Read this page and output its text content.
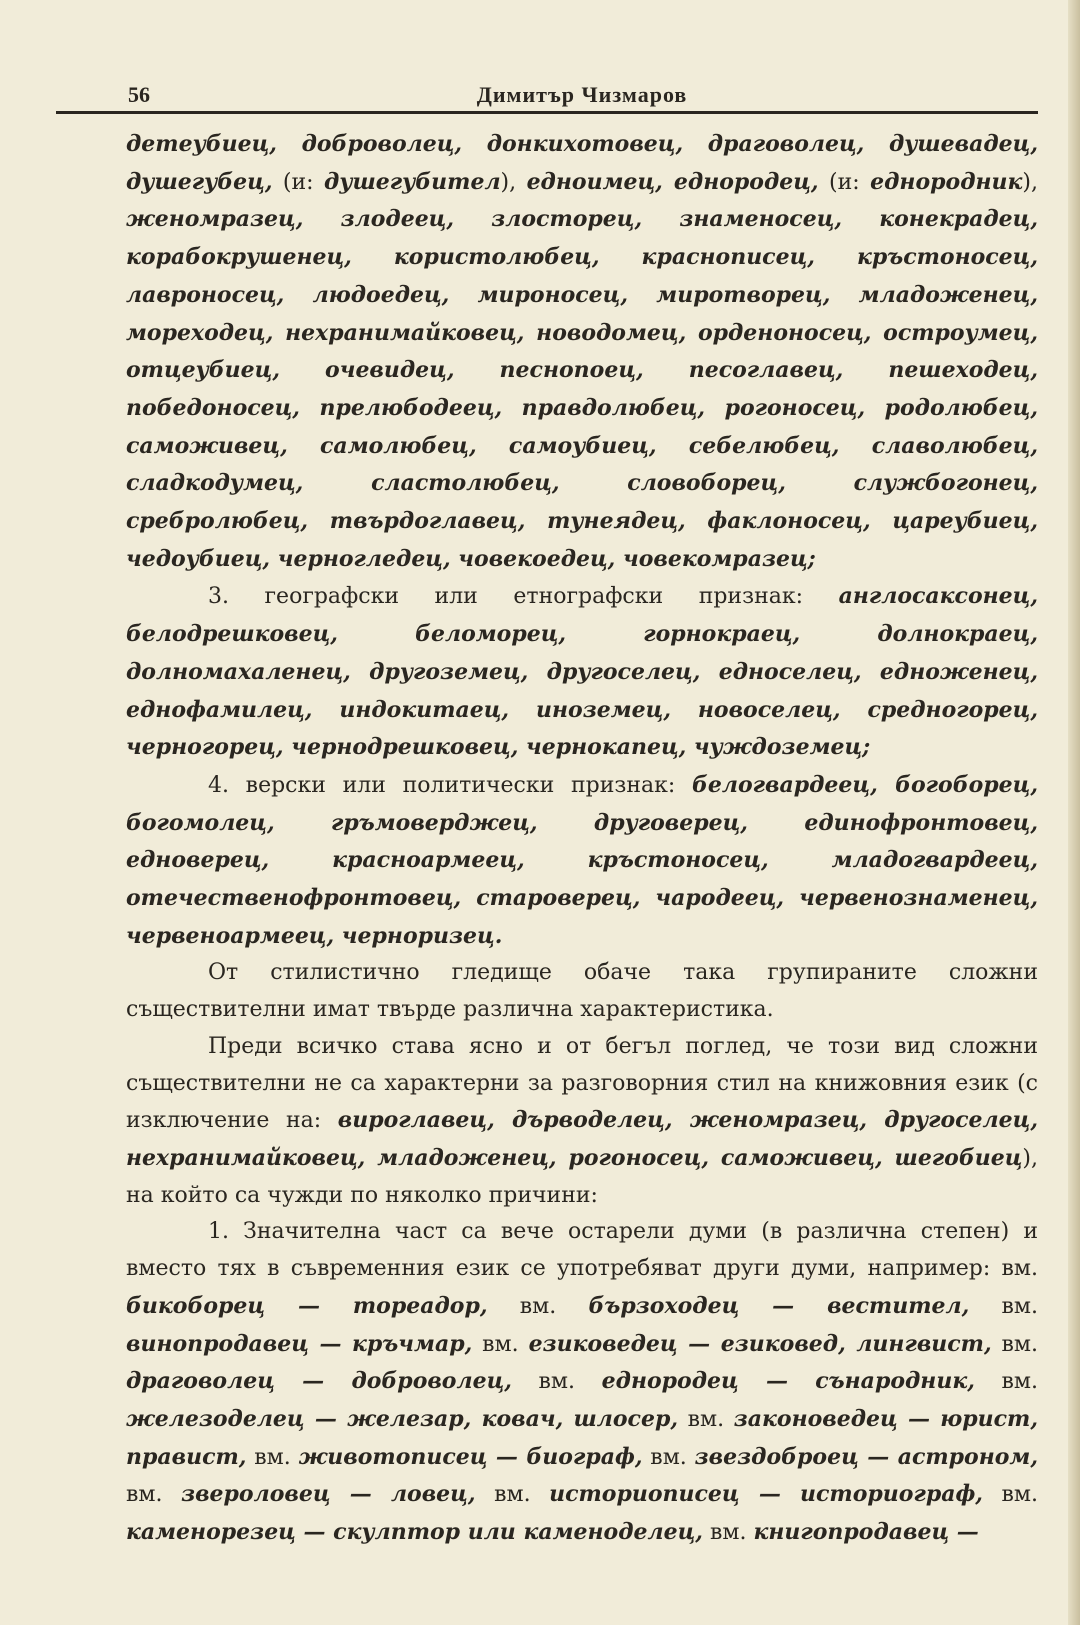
56	Димитър Чизмаров

детеубиец, доброволец, донкихотовец, драговолец, душевадец, душегубец, (и: душегубител), едноимец, еднородец, (и: еднородник), женомразец, злодеец, злосторец, знаменосец, конекрадец, корабокрушенец, користолюбец, краснописец, кръстоносец, лавроносец, людоедец, мироносец, миротворец, младоженец, мореходец, нехранимайковец, новодомец, орденоносец, остроумец, отцеубиец, очевидец, песнопоец, песоглавец, пешеходец, победоносец, прелюбодеец, правдолюбец, рогоносец, родолюбец, саможивец, самолюбец, самоубиец, себелюбец, славолюбец, сладкодумец, сластолюбец, словоборец, службогонец, сребролюбец, твърдоглавец, тунеядец, факлоносец, цареубиец, чедоубиец, черногледец, човекоедец, човекомразец;

3. географски или етнографски признак: англосаксонец, белодрешковец, беломорец, горнокраец, долнокраец, долномахаленец, другоземец, другоселец, едноселец, едноженец, еднофамилец, индокитаец, иноземец, новоселец, средногорец, черногорец, чернодрешковец, чернокапец, чуждоземец;

4. верски или политически признак: белогвардеец, богоборец, богомолец, гръмоверджец, друговерец, единофронтовец, едноверец, красноармеец, кръстоносец, младогвардеец, отечественофронтовец, староверец, чародеец, червенознаменец, червеноармеец, черноризец.

От стилистично гледище обаче така групираните сложни съществителни имат твърде различна характеристика.

Преди всичко става ясно и от бегъл поглед, че този вид сложни съществителни не са характерни за разговорния стил на книжовния език (с изключение на: вироглавец, дърводелец, женомразец, другоселец, нехранимайковец, младоженец, рогоносец, саможивец, шегобиец), на който са чужди по няколко причини:

1. Значителна част са вече остарели думи (в различна степен) и вместо тях в съвременния език се употребяват други думи, например: вм. бикоборец — тореадор, вм. бързоходец — вестител, вм. винопродавец — кръчмар, вм. езиковедец — езиковед, лингвист, вм. драговолец — доброволец, вм. еднородец — сънародник, вм. железоделец — железар, ковач, шлосер, вм. законоведец — юрист, правист, вм. животописец — биограф, вм. звездоброец — астроном, вм. звероловец — ловец, вм. историописец — историограф, вм. каменорезец — скулптор или каменоделец, вм. книгопродавец —
